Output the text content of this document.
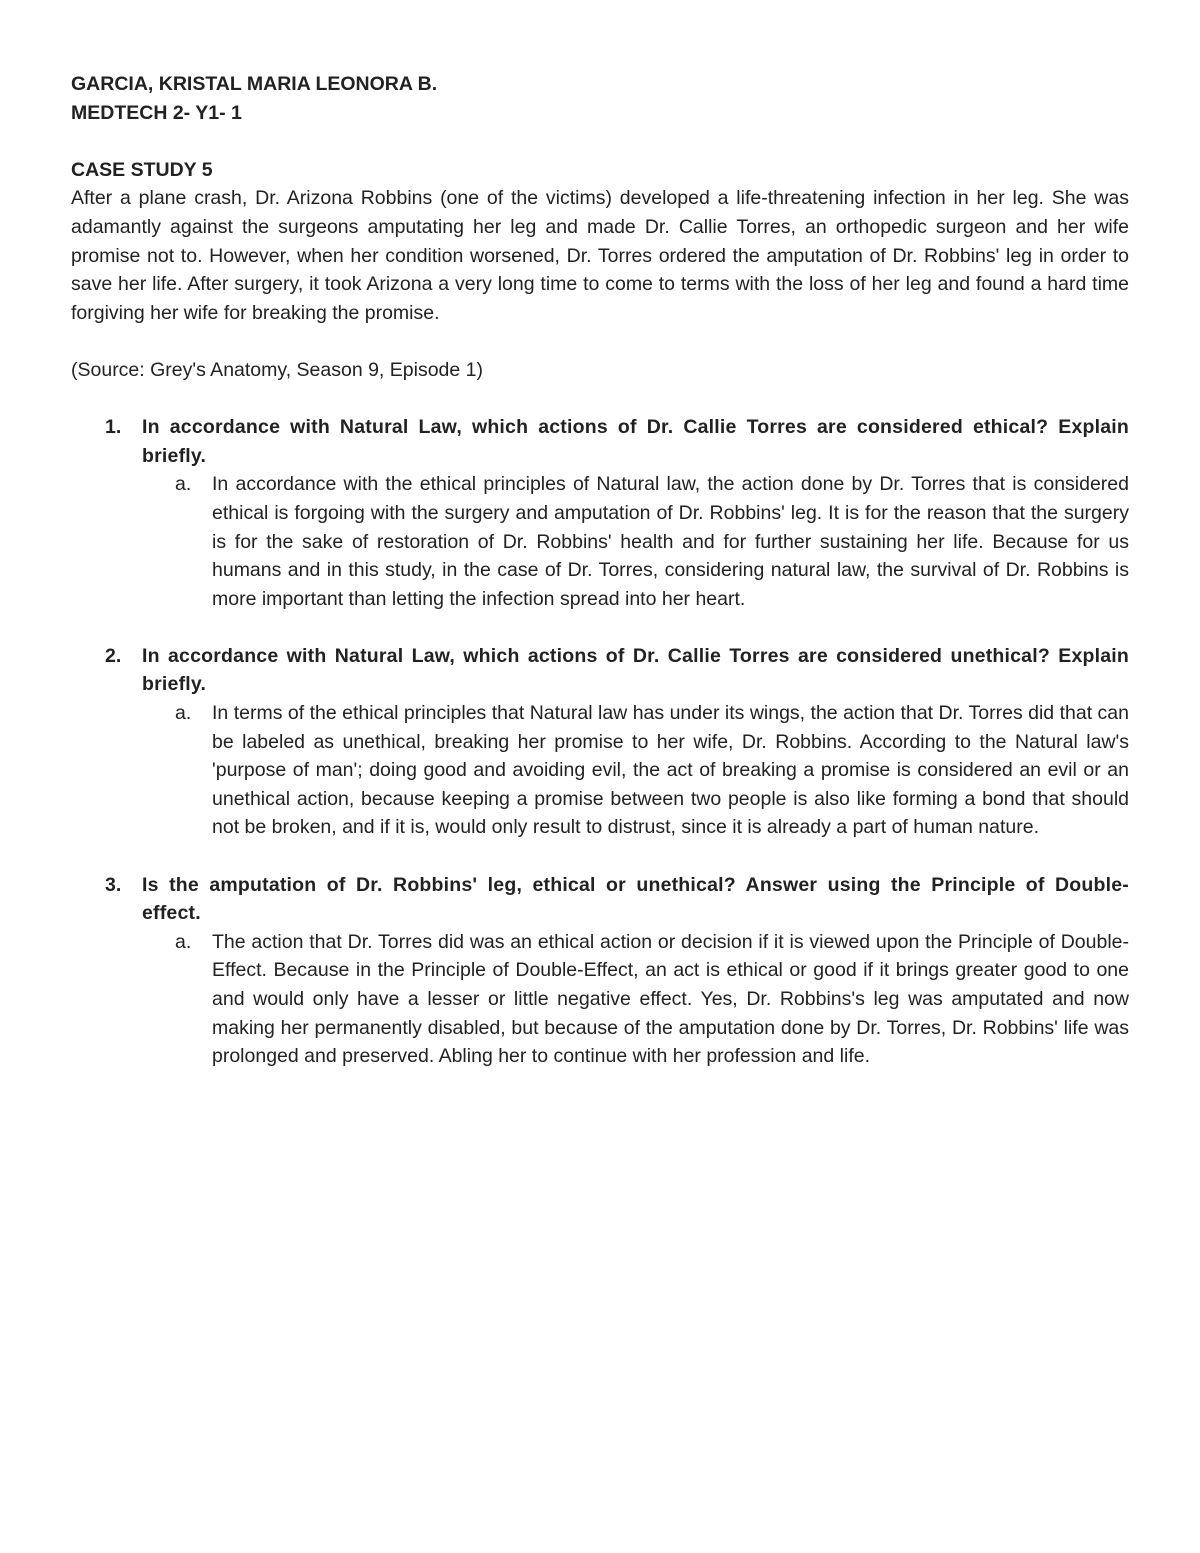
GARCIA, KRISTAL MARIA LEONORA B.

MEDTECH 2- Y1- 1

CASE STUDY 5

After a plane crash, Dr. Arizona Robbins (one of the victims) developed a life-threatening infection in her leg. She was adamantly against the surgeons amputating her leg and made Dr. Callie Torres, an orthopedic surgeon and her wife promise not to. However, when her condition worsened, Dr. Torres ordered the amputation of Dr. Robbins' leg in order to save her life. After surgery, it took Arizona a very long time to come to terms with the loss of her leg and found a hard time forgiving her wife for breaking the promise.

(Source: Grey's Anatomy, Season 9, Episode 1)

1. In accordance with Natural Law, which actions of Dr. Callie Torres are considered ethical? Explain briefly.
a. In accordance with the ethical principles of Natural law, the action done by Dr. Torres that is considered ethical is forgoing with the surgery and amputation of Dr. Robbins' leg. It is for the reason that the surgery is for the sake of restoration of Dr. Robbins' health and for further sustaining her life. Because for us humans and in this study, in the case of Dr. Torres, considering natural law, the survival of Dr. Robbins is more important than letting the infection spread into her heart.
2. In accordance with Natural Law, which actions of Dr. Callie Torres are considered unethical? Explain briefly.
a. In terms of the ethical principles that Natural law has under its wings, the action that Dr. Torres did that can be labeled as unethical, breaking her promise to her wife, Dr. Robbins. According to the Natural law's 'purpose of man'; doing good and avoiding evil, the act of breaking a promise is considered an evil or an unethical action, because keeping a promise between two people is also like forming a bond that should not be broken, and if it is, would only result to distrust, since it is already a part of human nature.
3. Is the amputation of Dr. Robbins' leg, ethical or unethical? Answer using the Principle of Double-effect.
a. The action that Dr. Torres did was an ethical action or decision if it is viewed upon the Principle of Double-Effect. Because in the Principle of Double-Effect, an act is ethical or good if it brings greater good to one and would only have a lesser or little negative effect. Yes, Dr. Robbins's leg was amputated and now making her permanently disabled, but because of the amputation done by Dr. Torres, Dr. Robbins' life was prolonged and preserved. Abling her to continue with her profession and life.
